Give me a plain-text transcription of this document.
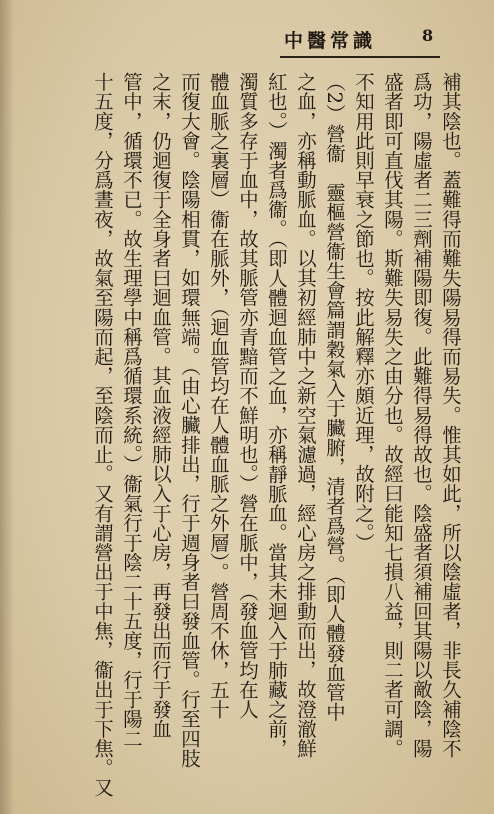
中醫常識	8
補其陰也。蓋難得而難失陽易得而易失。惟其如此，所以陰虛者，非長久補陰不
爲功，陽虛者二三劑補陽即復。此難得易得故也。陰盛者須補回其陽以敵陰，陽
盛者即可直伐其陽。斯難失易失之由分也。故經曰能知七損八益，則二者可調。
不知用此則早衰之節也。按此解釋亦頗近理，故附之。）
（2）營衞　靈樞營衞生會篇謂穀氣入于臟腑，清者爲營。（即人體發血管中
之血，亦稱動脈血。以其初經肺中之新空氣濾過，經心房之排動而出，故澄澈鮮
紅也。）濁者爲衞。（即人體迴血管之血，亦稱靜脈血。當其未迴入于肺藏之前，
濁質多存于血中，故其脈管亦青黯而不鮮明也。）營在脈中，（發血管均在人
體血脈之裏層）衞在脈外，（迴血管均在人體血脈之外層）。營周不休，五十
而復大會。陰陽相貫，如環無端。（由心臟排出，行于週身者曰發血管。行至四肢
之末，仍迴復于全身者曰迴血管。其血液經肺以入于心房，再發出而行于發血
管中，循環不已。故生理學中稱爲循環系統。）衞氣行于陰二十五度，行于陽二
十五度，分爲晝夜，故氣至陽而起，至陰而止。又有謂營出于中焦，衞出于下焦。又
